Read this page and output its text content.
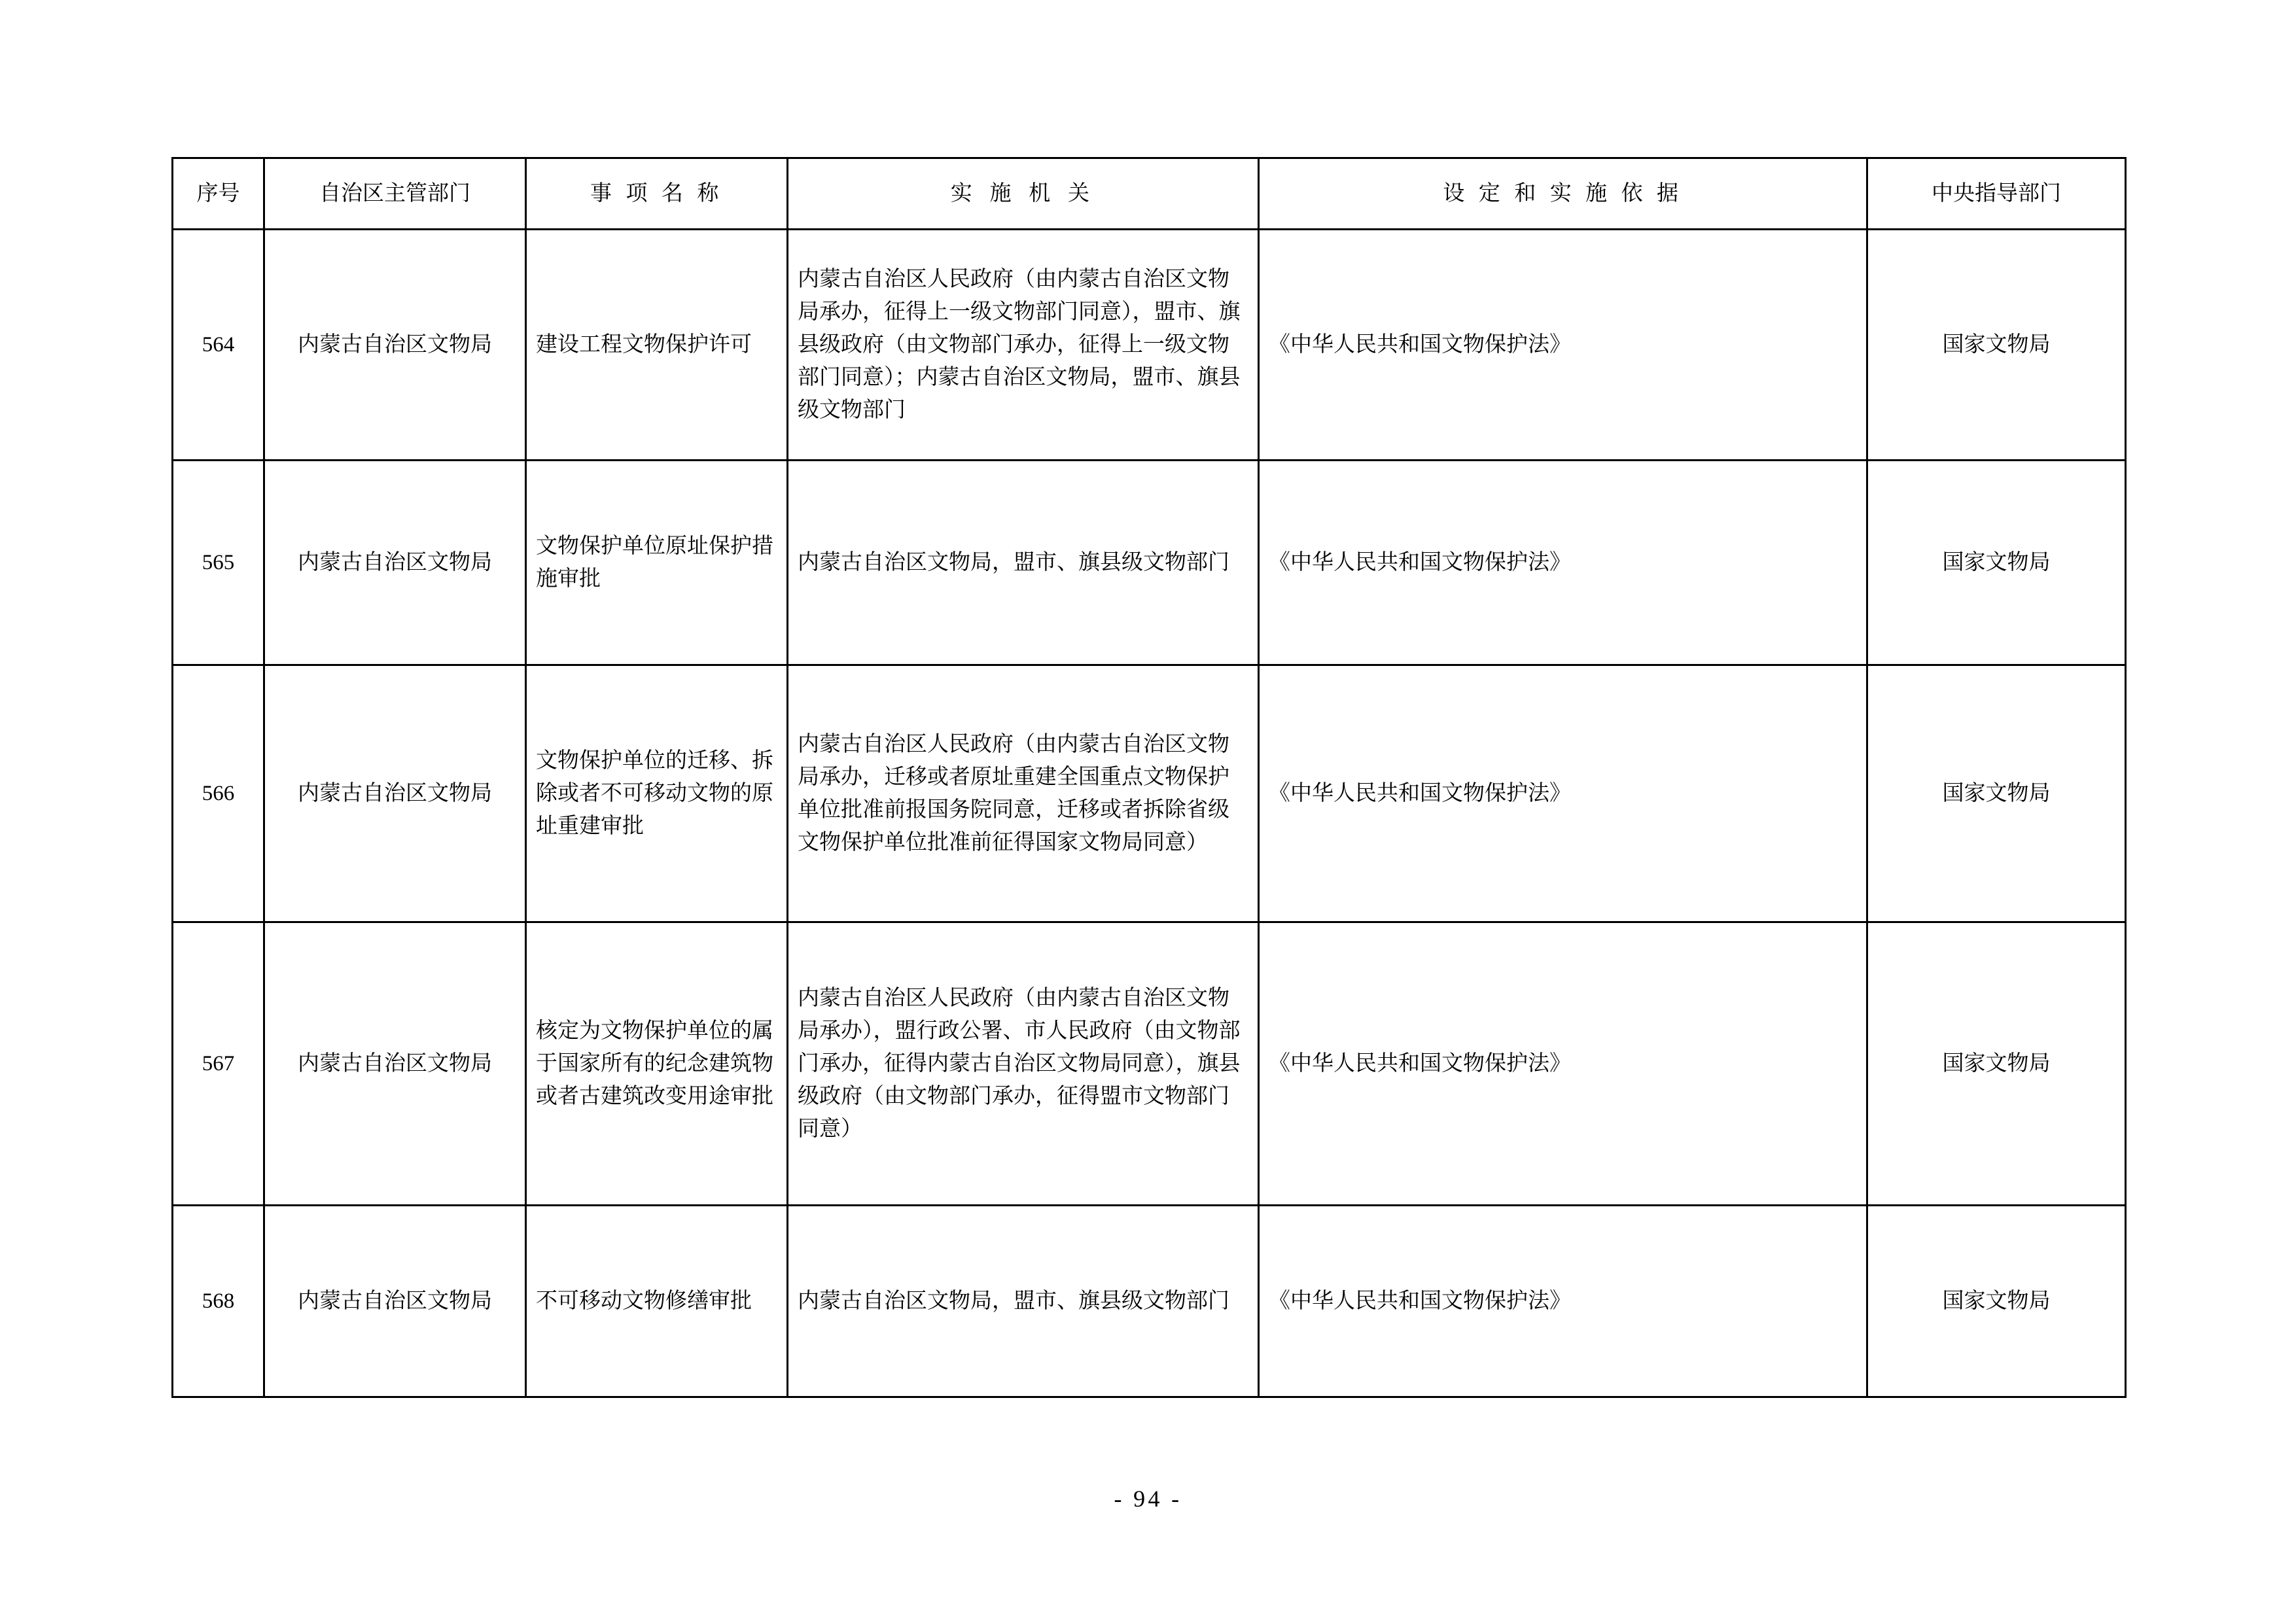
序号	自治区主管部门	事 项 名 称	实 施 机 关	设 定 和 实 施 依 据	中央指导部门
564	内蒙古自治区文物局	建设工程文物保护许可	内蒙古自治区人民政府（由内蒙古自治区文物局承办，征得上一级文物部门同意），盟市、旗县级政府（由文物部门承办，征得上一级文物部门同意）；内蒙古自治区文物局，盟市、旗县级文物部门	《中华人民共和国文物保护法》	国家文物局
565	内蒙古自治区文物局	文物保护单位原址保护措施审批	内蒙古自治区文物局，盟市、旗县级文物部门	《中华人民共和国文物保护法》	国家文物局
566	内蒙古自治区文物局	文物保护单位的迁移、拆除或者不可移动文物的原址重建审批	内蒙古自治区人民政府（由内蒙古自治区文物局承办，迁移或者原址重建全国重点文物保护单位批准前报国务院同意，迁移或者拆除省级文物保护单位批准前征得国家文物局同意）	《中华人民共和国文物保护法》	国家文物局
567	内蒙古自治区文物局	核定为文物保护单位的属于国家所有的纪念建筑物或者古建筑改变用途审批	内蒙古自治区人民政府（由内蒙古自治区文物局承办），盟行政公署、市人民政府（由文物部门承办，征得内蒙古自治区文物局同意），旗县级政府（由文物部门承办，征得盟市文物部门同意）	《中华人民共和国文物保护法》	国家文物局
568	内蒙古自治区文物局	不可移动文物修缮审批	内蒙古自治区文物局，盟市、旗县级文物部门	《中华人民共和国文物保护法》	国家文物局
- 94 -
